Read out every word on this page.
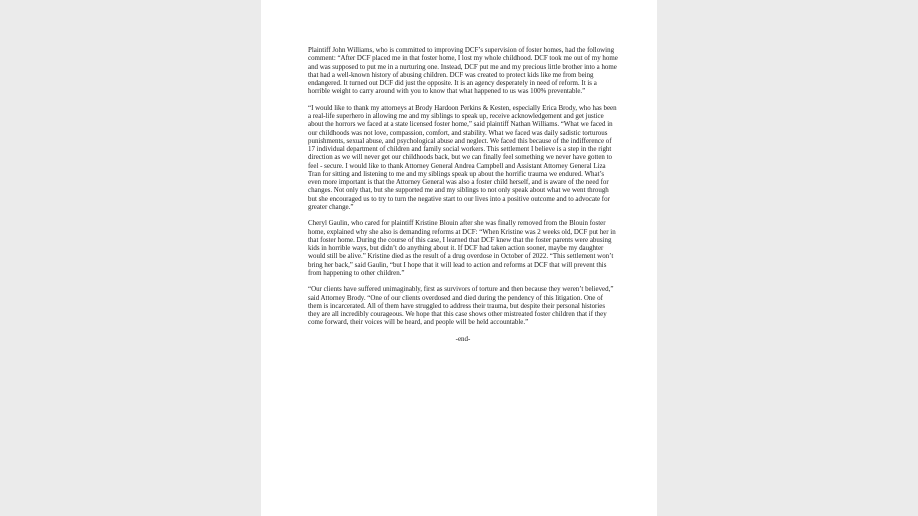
Plaintiff John Williams, who is committed to improving DCF’s supervision of foster homes, had the following comment: “After DCF placed me in that foster home, I lost my whole childhood. DCF took me out of my home and was supposed to put me in a nurturing one. Instead, DCF put me and my precious little brother into a home that had a well-known history of abusing children. DCF was created to protect kids like me from being endangered. It turned out DCF did just the opposite. It is an agency desperately in need of reform. It is a horrible weight to carry around with you to know that what happened to us was 100% preventable.”

“I would like to thank my attorneys at Brody Hardoon Perkins & Kesten, especially Erica Brody, who has been a real-life superhero in allowing me and my siblings to speak up, receive acknowledgement and get justice about the horrors we faced at a state licensed foster home,” said plaintiff Nathan Williams. “What we faced in our childhoods was not love, compassion, comfort, and stability. What we faced was daily sadistic torturous punishments, sexual abuse, and psychological abuse and neglect. We faced this because of the indifference of 17 individual department of children and family social workers. This settlement I believe is a step in the right direction as we will never get our childhoods back, but we can finally feel something we never have gotten to feel - secure. I would like to thank Attorney General Andrea Campbell and Assistant Attorney General Liza Tran for sitting and listening to me and my siblings speak up about the horrific trauma we endured. What’s even more important is that the Attorney General was also a foster child herself, and is aware of the need for changes. Not only that, but she supported me and my siblings to not only speak about what we went through but she encouraged us to try to turn the negative start to our lives into a positive outcome and to advocate for greater change.”

Cheryl Gaulin, who cared for plaintiff Kristine Blouin after she was finally removed from the Blouin foster home, explained why she also is demanding reforms at DCF: “When Kristine was 2 weeks old, DCF put her in that foster home. During the course of this case, I learned that DCF knew that the foster parents were abusing kids in horrible ways, but didn’t do anything about it. If DCF had taken action sooner, maybe my daughter would still be alive.” Kristine died as the result of a drug overdose in October of 2022. “This settlement won’t bring her back,” said Gaulin, “but I hope that it will lead to action and reforms at DCF that will prevent this from happening to other children.”

“Our clients have suffered unimaginably, first as survivors of torture and then because they weren’t believed,” said Attorney Brody. “One of our clients overdosed and died during the pendency of this litigation. One of them is incarcerated. All of them have struggled to address their trauma, but despite their personal histories they are all incredibly courageous. We hope that this case shows other mistreated foster children that if they come forward, their voices will be heard, and people will be held accountable.”

-end-
